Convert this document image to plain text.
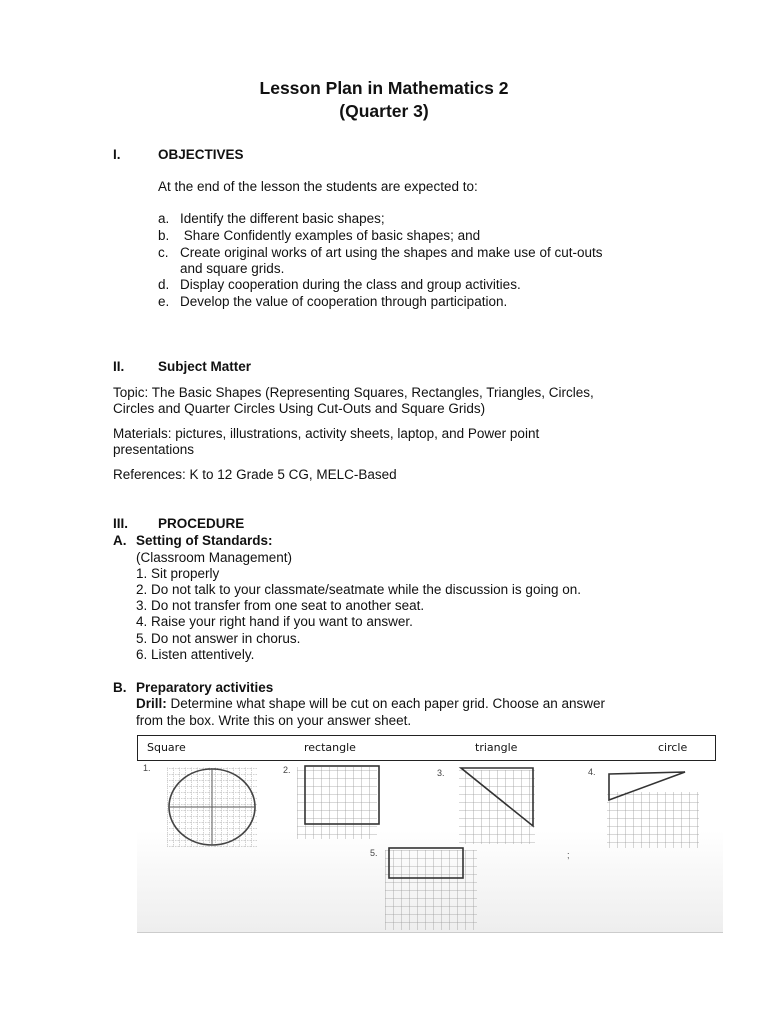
Lesson Plan in Mathematics 2
(Quarter 3)
I.	OBJECTIVES
At the end of the lesson the students are expected to:
a. Identify the different basic shapes;
b. Share Confidently examples of basic shapes; and
c. Create original works of art using the shapes and make use of cut-outs
and square grids.
d. Display cooperation during the class and group activities.
e. Develop the value of cooperation through participation.
II. Subject Matter
Topic: The Basic Shapes (Representing Squares, Rectangles, Triangles, Circles,
Circles and Quarter Circles Using Cut-Outs and Square Grids)
Materials: pictures, illustrations, activity sheets, laptop, and Power point
presentations
References: K to 12 Grade 5 CG, MELC-Based
III. PROCEDURE
A. Setting of Standards:
(Classroom Management)
1. Sit properly
2. Do not talk to your classmate/seatmate while the discussion is going on.
3. Do not transfer from one seat to another seat.
4. Raise your right hand if you want to answer.
5. Do not answer in chorus.
6. Listen attentively.
B. Preparatory activities
Drill: Determine what shape will be cut on each paper grid. Choose an answer
from the box. Write this on your answer sheet.
Square	rectangle	triangle	circle
1.	2.	3.	4.
5.	;
